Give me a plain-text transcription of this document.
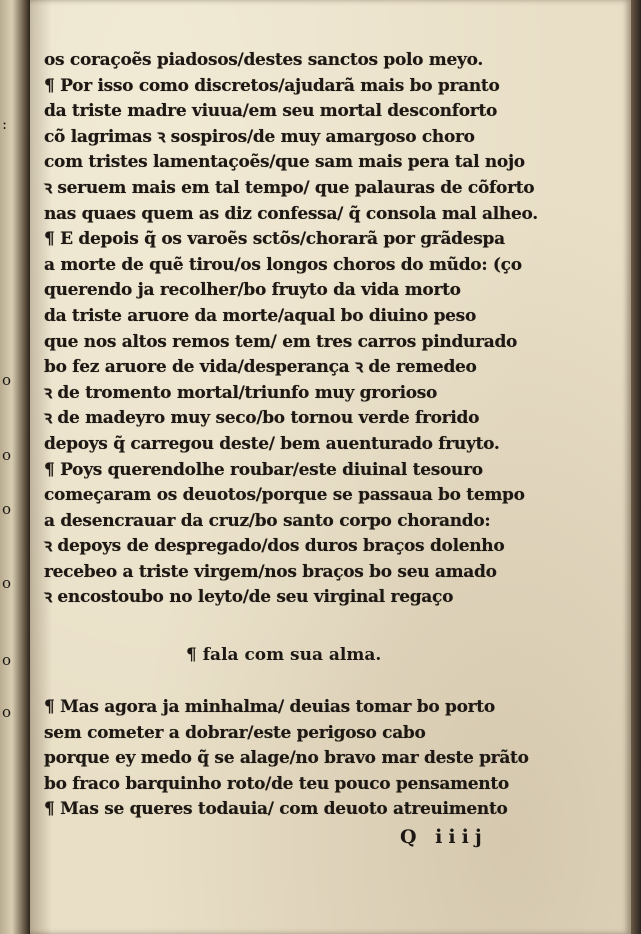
:
o
o
o
o
o
o
os coraçoẽs piadosos/destes sanctos polo meyo.
¶ Por isso como discretos/ajudarã mais bo pranto
da triste madre viuua/em seu mortal desconforto
cõ lagrimas ꝛ sospiros/de muy amargoso choro
com tristes lamentaçoẽs/que sam mais pera tal nojo
ꝛ seruem mais em tal tempo/ que palauras de cõforto
nas quaes quem as diz confessa/ q̃ consola mal alheo.
¶ E depois q̃ os varoẽs sctõs/chorarã por grãdespa
a morte de quẽ tirou/os longos choros do mũdo: (ço
querendo ja recolher/bo fruyto da vida morto
da triste aruore da morte/aqual bo diuino peso
que nos altos remos tem/ em tres carros pindurado
bo fez aruore de vida/desperança ꝛ de remedeo
ꝛ de tromento mortal/triunfo muy groriosо
ꝛ de madeyro muy seco/bo tornou verde frorido
depoys q̃ carregou deste/ bem auenturado fruyto.
¶ Poys querendolhe roubar/este diuinal tesouro
começaram os deuotos/porque se passaua bo tempo
a desencrauar da cruz/bo santo corpo chorando:
ꝛ depoys de despregado/dos duros braços dolenho
recebeo a triste virgem/nos braços bo seu amado
ꝛ encostoubo no leyto/de seu virginal regaço
¶ fala com sua alma.
¶ Mas agora ja minhalma/ deuias tomar bo porto
sem cometer a dobrar/este perigoso cabo
porque ey medo q̃ se alage/no bravo mar deste prãto
bo fraco barquinho roto/de teu pouco pensamento
¶ Mas se queres todauia/ com deuoto atreuimento
Q iiij
